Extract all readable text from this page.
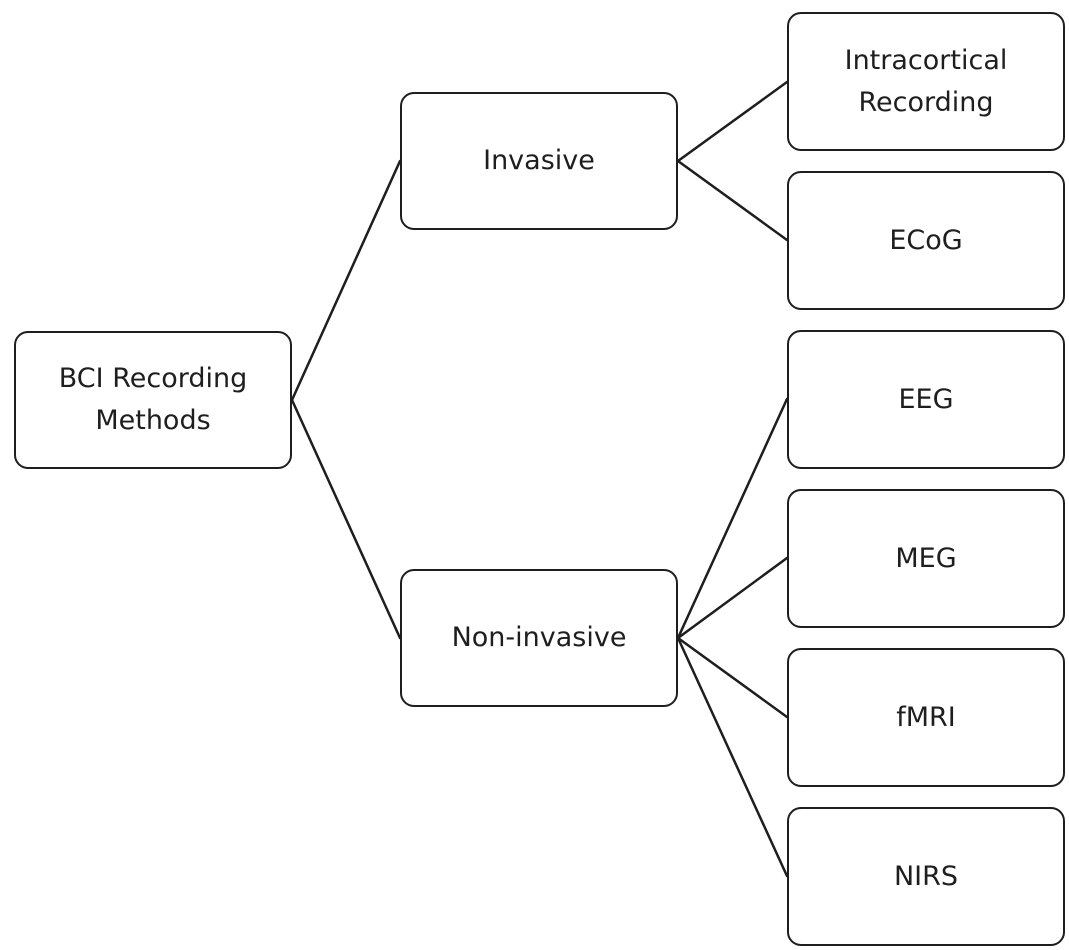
BCI Recording
Methods
Invasive
Non-invasive
Intracortical
Recording
ECoG
EEG
MEG
fMRI
NIRS
